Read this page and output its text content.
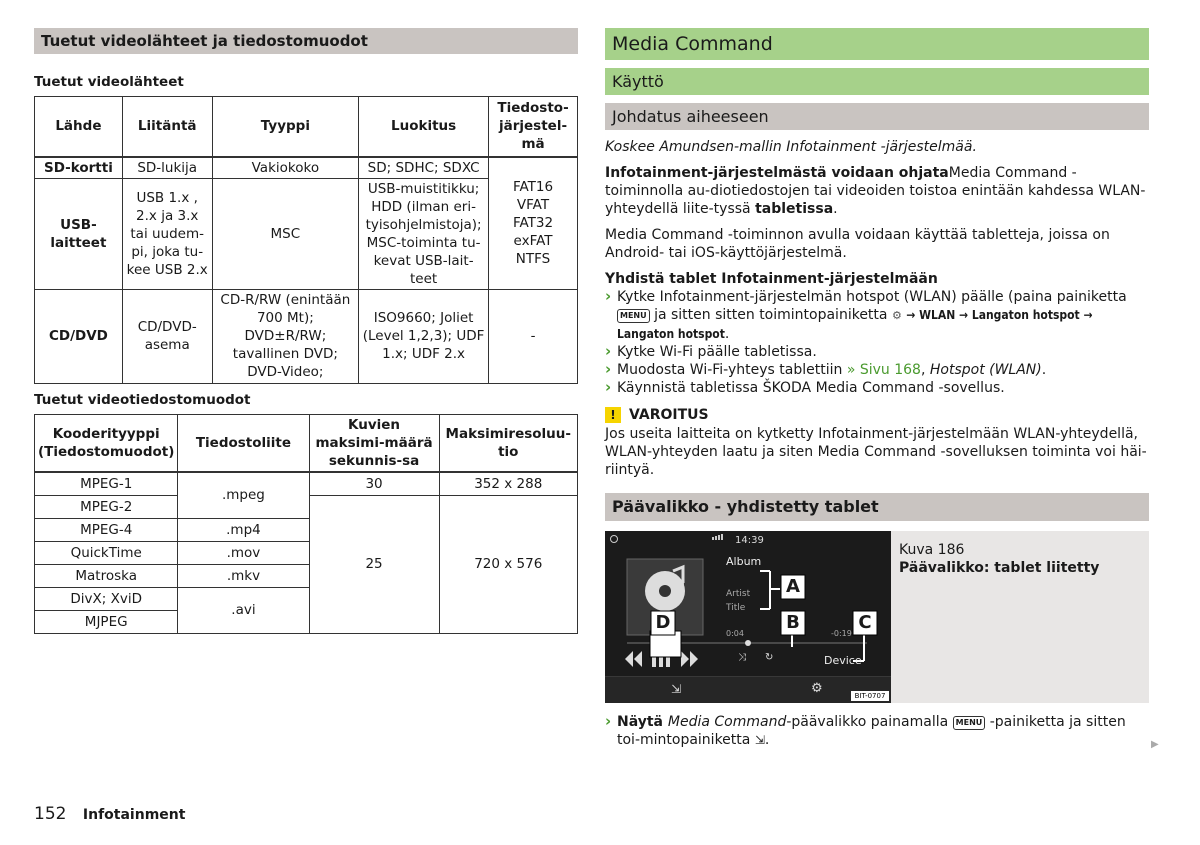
Tuetut videolähteet ja tiedostomuodot
Tuetut videolähteet
Lähde	Liitäntä	Tyyppi	Luokitus	Tiedosto-järjestel-mä
SD-kortti	SD-lukija	Vakiokoko	SD; SDHC; SDXC	FAT16
VFAT
FAT32
exFAT
NTFS

USB-laitteet	USB 1.x , 2.x ja 3.x tai uudem-pi, joka tu-kee USB 2.x	MSC	USB-muistitikku; HDD (ilman eri-tyisohjelmistoja); MSC-toiminta tu-kevat USB-lait-teet	
CD/DVD	CD/DVD-asema	CD-R/RW (enintään 700 Mt); DVD±R/RW; tavallinen DVD; DVD-Video;	ISO9660; Joliet (Level 1,2,3); UDF 1.x; UDF 2.x	-
Tuetut videotiedostomuodot
Kooderityyppi (Tiedostomuodot)	Tiedostoliite	Kuvien maksimi-määrä sekunnis-sa	Maksimiresoluu-tio
MPEG-1	.mpeg	30	352 x 288
MPEG-2		25	720 x 576
MPEG-4	.mp4		
QuickTime	.mov		
Matroska	.mkv		
DivX; XviD	.avi		
MJPEG			
Media Command
Käyttö
Johdatus aiheeseen
Koskee Amundsen-mallin Infotainment -järjestelmää.
Infotainment-järjestelmästä voidaan ohjataMedia Command -toiminnolla au-diotiedostojen tai videoiden toistoa enintään kahdessa WLAN-yhteydellä liite-tyssä tabletissa.
Media Command -toiminnon avulla voidaan käyttää tabletteja, joissa on Android- tai iOS-käyttöjärjestelmä.
Yhdistä tablet Infotainment-järjestelmään
› Kytke Infotainment-järjestelmän hotspot (WLAN) päälle (paina painiketta MENU ja sitten sitten toimintopainiketta ⚙ → WLAN → Langaton hotspot → Langaton hotspot.
› Kytke Wi-Fi päälle tabletissa.
› Muodosta Wi-Fi-yhteys tablettiin » Sivu 168, Hotspot (WLAN).
› Käynnistä tabletissa ŠKODA Media Command -sovellus.
! VAROITUS
Jos useita laitteita on kytketty Infotainment-järjestelmään WLAN-yhteydellä, WLAN-yhteyden laatu ja siten Media Command -sovelluksen toiminta voi häi-riintyä.
Päävalikko - yhdistetty tablet
14:39
Album
Artist
Title
0:04	-0:19
Device
A
B	C
D
⤨ ↻
⇲	⚙	BIT-0707
Kuva 186
Päävalikko: tablet liitetty
› Näytä Media Command-päävalikko painamalla MENU -painiketta ja sitten toi-mintopainiketta ⇲.	▶
152 Infotainment
